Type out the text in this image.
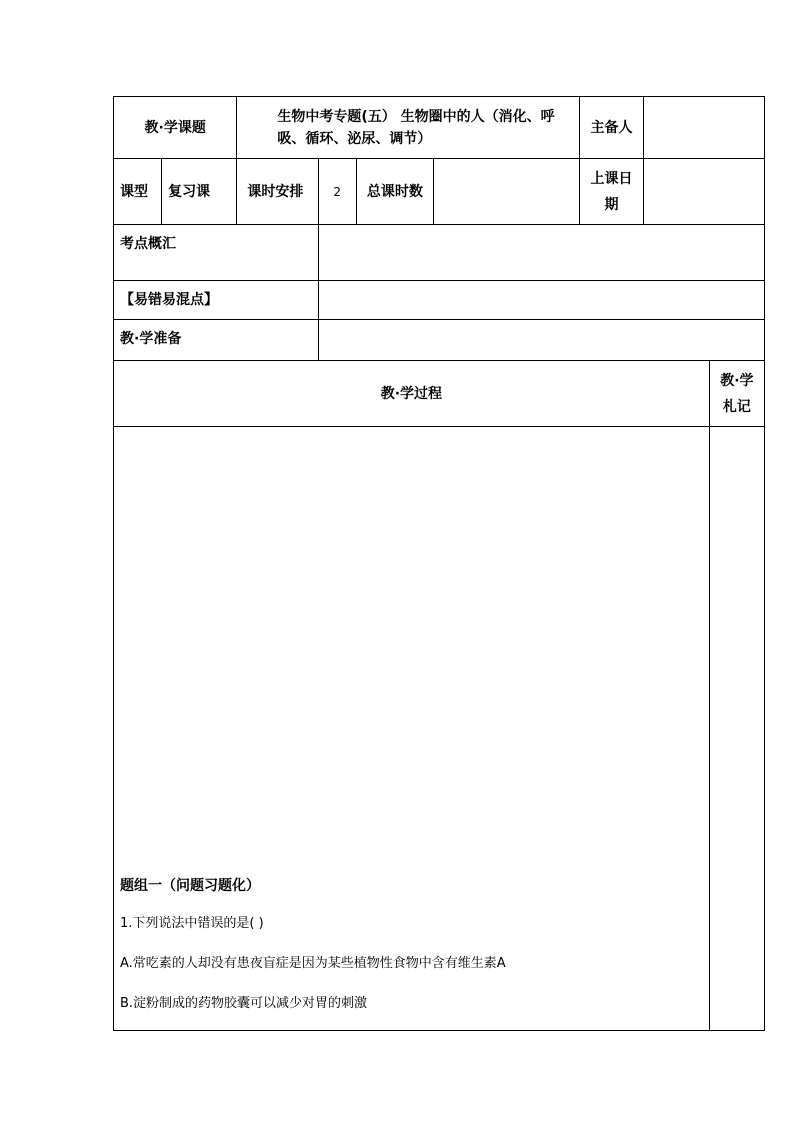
教·学课题		生物中考专题(五） 生物圈中的人（消化、呼吸、循环、泌尿、调节）				主备人		
课型	复习课	课时安排	2	总课时数		上课日期		
考点概汇								
【易错易混点】								
教·学准备								
教·学过程								教·学札记

题组一（问题习题化）

1.下列说法中错误的是( )

A.常吃素的人却没有患夜盲症是因为某些植物性食物中含有维生素A

B.淀粉制成的药物胶囊可以减少对胃的刺激								
